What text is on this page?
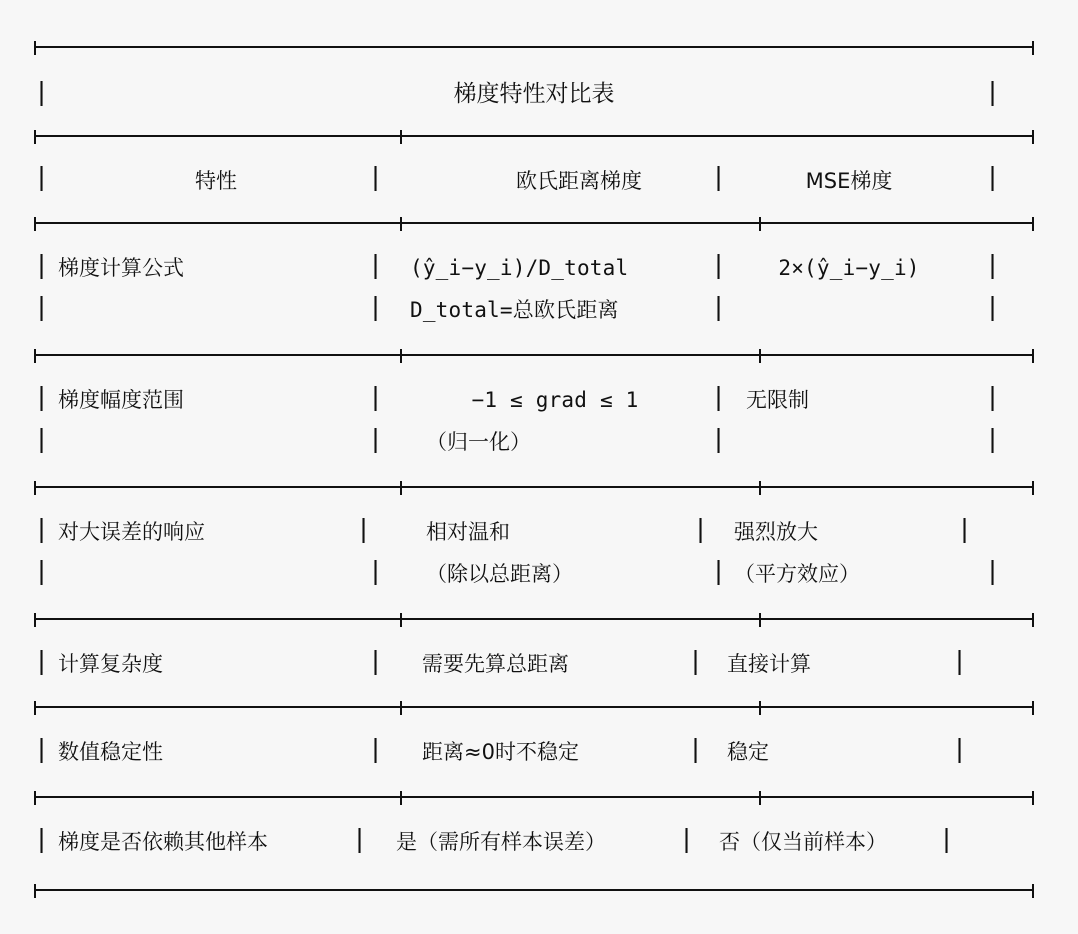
|	梯度特性对比表	|
|	特性	|	欧氏距离梯度	|	MSE梯度	|
| 梯度计算公式	| (ŷ_i−y_i)/D_total	|	2×(ŷ_i−y_i)	|
|	| D_total=总欧氏距离	|	|
| 梯度幅度范围	|	−1 ≤ grad ≤ 1	| 无限制	|
|	| （归一化）	|	|
| 对大误差的响应	|	相对温和	| 强烈放大	|
|	| （除以总距离）	| （平方效应）	|
| 计算复杂度	| 需要先算总距离	| 直接计算	|
| 数值稳定性	| 距离≈0时不稳定	| 稳定	|
| 梯度是否依赖其他样本	| 是（需所有样本误差）	| 否（仅当前样本） |
